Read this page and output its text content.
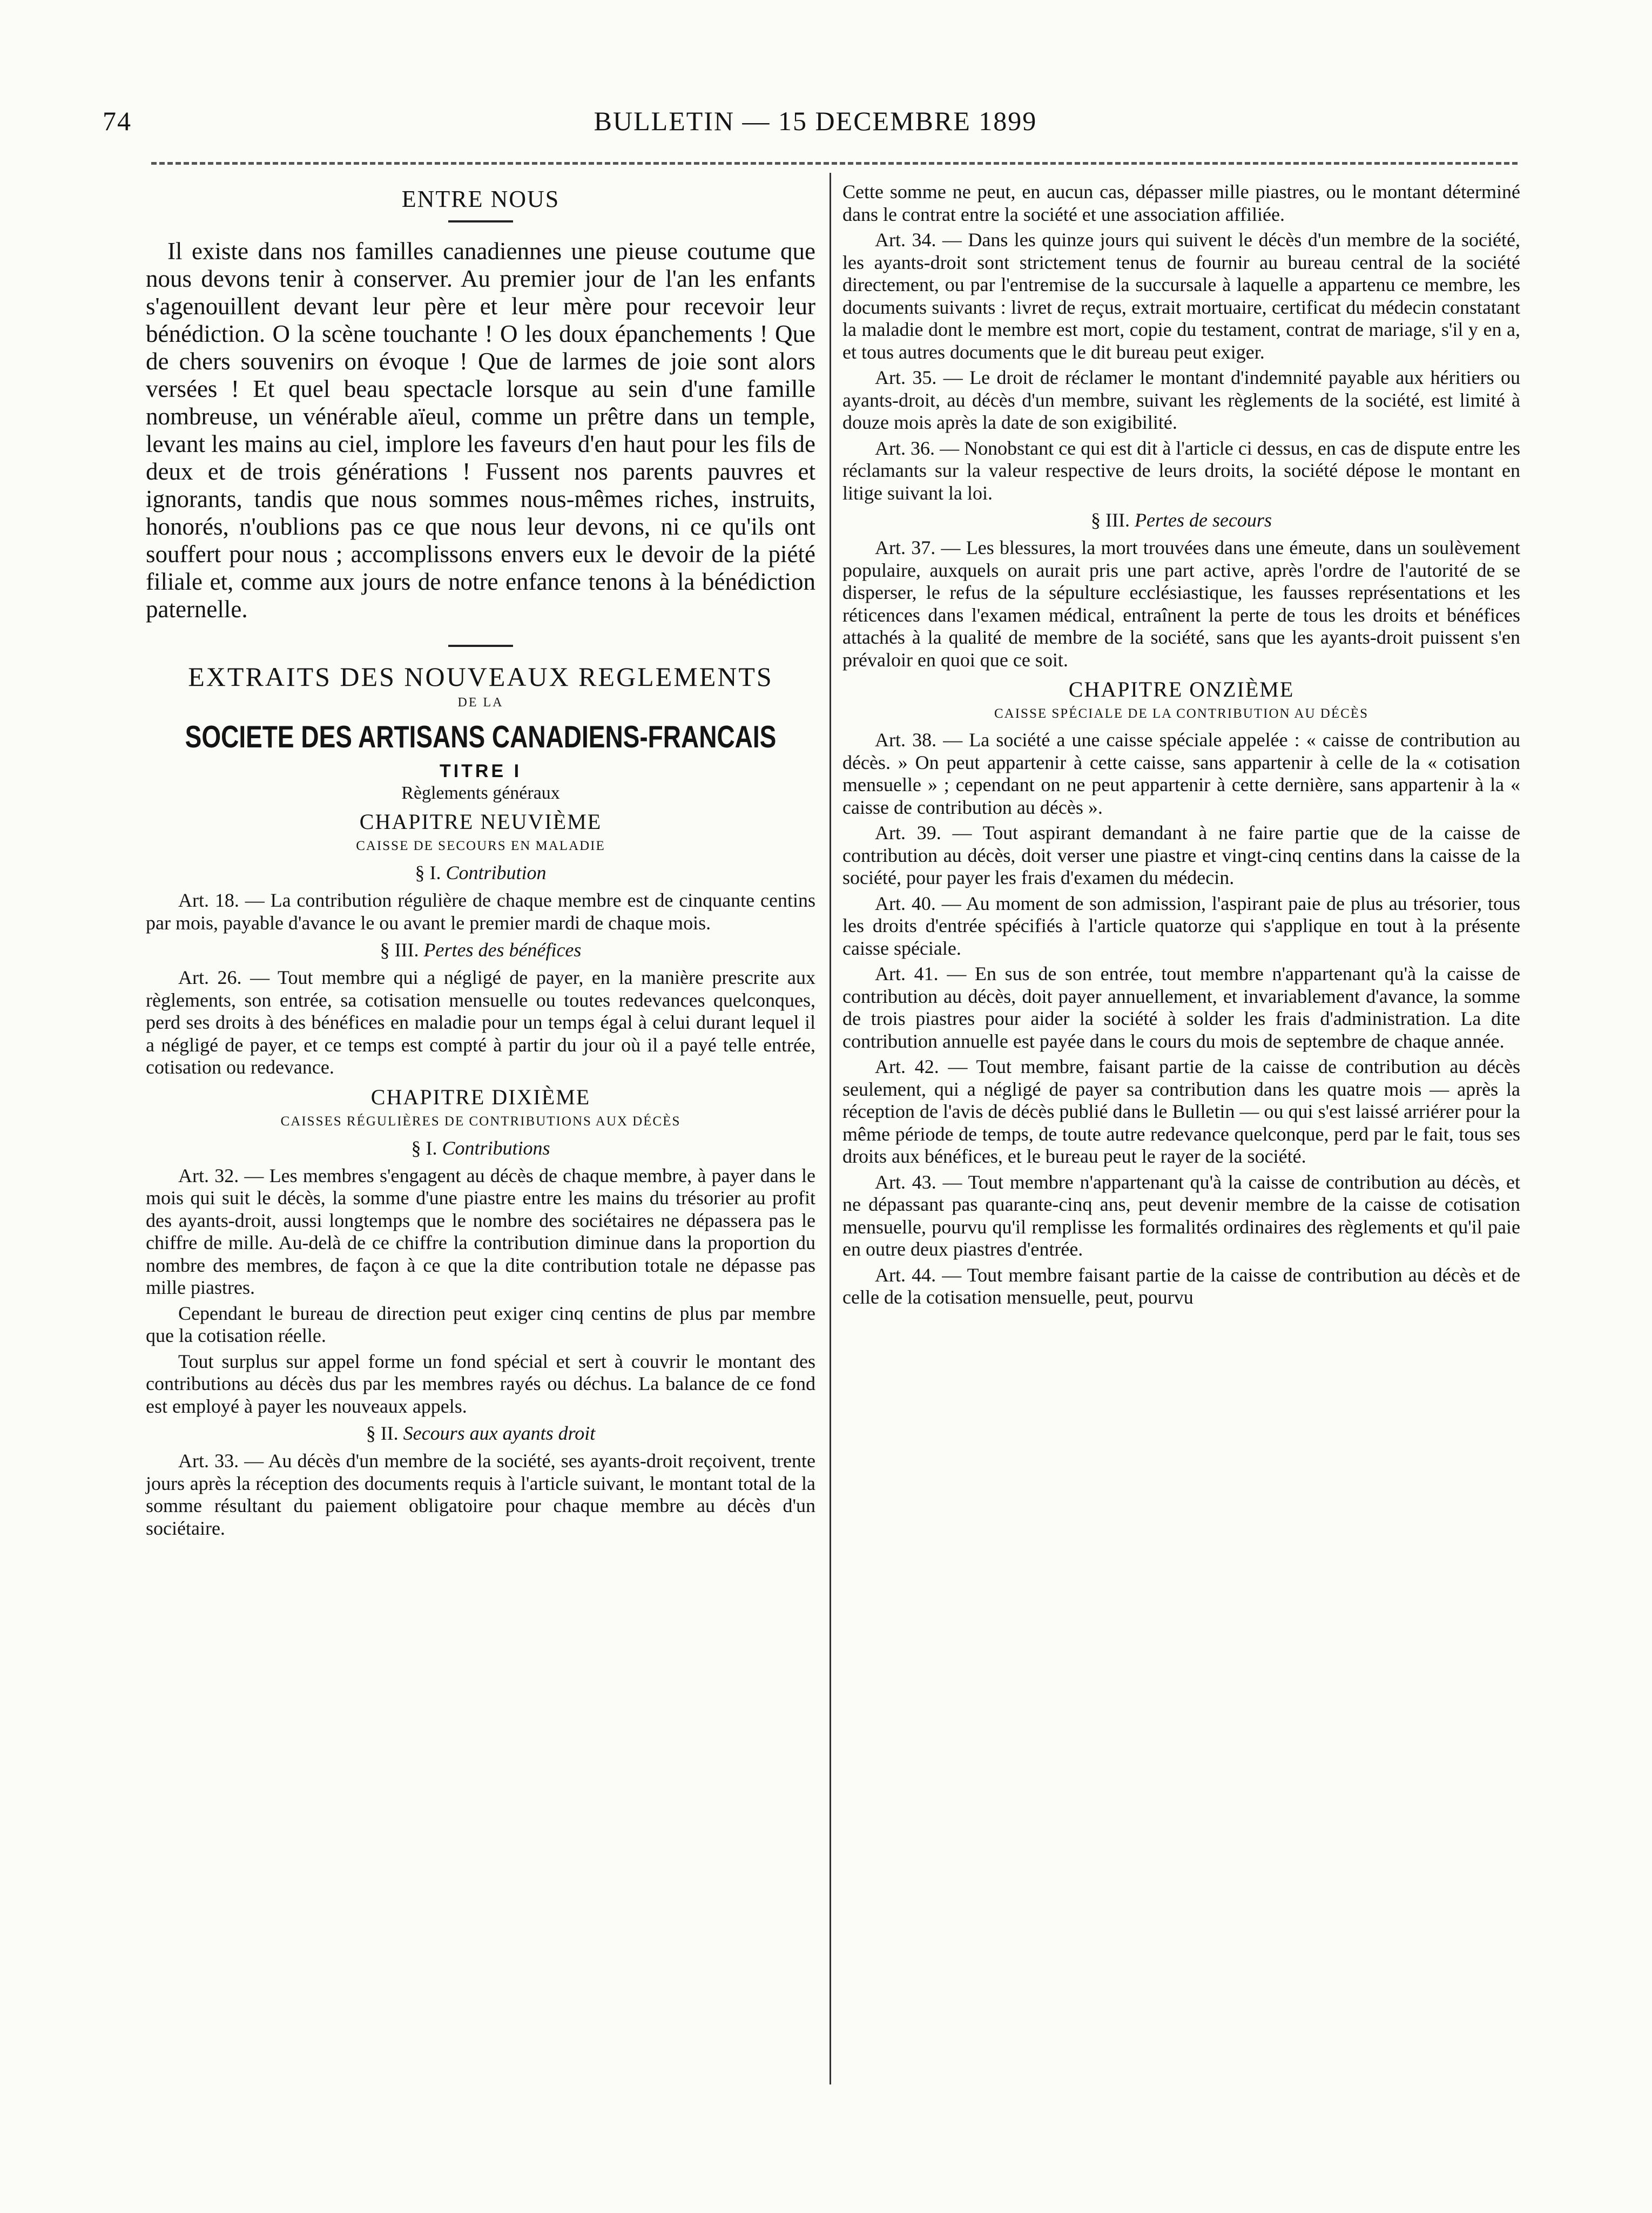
74	BULLETIN — 15 DECEMBRE 1899
ENTRE NOUS

Il existe dans nos familles canadiennes une pieuse coutume que nous devons tenir à conserver. Au premier jour de l'an les enfants s'agenouillent devant leur père et leur mère pour recevoir leur bénédiction. O la scène touchante ! O les doux épanchements ! Que de chers souvenirs on évoque ! Que de larmes de joie sont alors versées ! Et quel beau spectacle lorsque au sein d'une famille nombreuse, un vénérable aïeul, comme un prêtre dans un temple, levant les mains au ciel, implore les faveurs d'en haut pour les fils de deux et de trois générations ! Fussent nos parents pauvres et ignorants, tandis que nous sommes nous-mêmes riches, instruits, honorés, n'oublions pas ce que nous leur devons, ni ce qu'ils ont souffert pour nous ; accomplissons envers eux le devoir de la piété filiale et, comme aux jours de notre enfance tenons à la bénédiction paternelle.

EXTRAITS DES NOUVEAUX REGLEMENTS
DE LA
SOCIETE DES ARTISANS CANADIENS-FRANCAIS
TITRE I
Règlements généraux
CHAPITRE NEUVIÈME
CAISSE DE SECOURS EN MALADIE
§ I. Contribution

Art. 18. — La contribution régulière de chaque membre est de cinquante centins par mois, payable d'avance le ou avant le premier mardi de chaque mois.

§ III. Pertes des bénéfices

Art. 26. — Tout membre qui a négligé de payer, en la manière prescrite aux règlements, son entrée, sa cotisation mensuelle ou toutes redevances quelconques, perd ses droits à des bénéfices en maladie pour un temps égal à celui durant lequel il a négligé de payer, et ce temps est compté à partir du jour où il a payé telle entrée, cotisation ou redevance.

CHAPITRE DIXIÈME
CAISSES RÉGULIÈRES DE CONTRIBUTIONS AUX DÉCÈS
§ I. Contributions

Art. 32. — Les membres s'engagent au décès de chaque membre, à payer dans le mois qui suit le décès, la somme d'une piastre entre les mains du trésorier au profit des ayants-droit, aussi longtemps que le nombre des sociétaires ne dépassera pas le chiffre de mille. Au-delà de ce chiffre la contribution diminue dans la proportion du nombre des membres, de façon à ce que la dite contribution totale ne dépasse pas mille piastres.

Cependant le bureau de direction peut exiger cinq centins de plus par membre que la cotisation réelle.

Tout surplus sur appel forme un fond spécial et sert à couvrir le montant des contributions au décès dus par les membres rayés ou déchus. La balance de ce fond est employé à payer les nouveaux appels.

§ II. Secours aux ayants droit

Art. 33. — Au décès d'un membre de la société, ses ayants-droit reçoivent, trente jours après la réception des documents requis à l'article suivant, le montant total de la somme résultant du paiement obligatoire pour chaque membre au décès d'un sociétaire.

Cette somme ne peut, en aucun cas, dépasser mille piastres, ou le montant déterminé dans le contrat entre la société et une association affiliée.

Art. 34. — Dans les quinze jours qui suivent le décès d'un membre de la société, les ayants-droit sont strictement tenus de fournir au bureau central de la société directement, ou par l'entremise de la succursale à laquelle a appartenu ce membre, les documents suivants : livret de reçus, extrait mortuaire, certificat du médecin constatant la maladie dont le membre est mort, copie du testament, contrat de mariage, s'il y en a, et tous autres documents que le dit bureau peut exiger.

Art. 35. — Le droit de réclamer le montant d'indemnité payable aux héritiers ou ayants-droit, au décès d'un membre, suivant les règlements de la société, est limité à douze mois après la date de son exigibilité.

Art. 36. — Nonobstant ce qui est dit à l'article ci dessus, en cas de dispute entre les réclamants sur la valeur respective de leurs droits, la société dépose le montant en litige suivant la loi.

§ III. Pertes de secours

Art. 37. — Les blessures, la mort trouvées dans une émeute, dans un soulèvement populaire, auxquels on aurait pris une part active, après l'ordre de l'autorité de se disperser, le refus de la sépulture ecclésiastique, les fausses représentations et les réticences dans l'examen médical, entraînent la perte de tous les droits et bénéfices attachés à la qualité de membre de la société, sans que les ayants-droit puissent s'en prévaloir en quoi que ce soit.

CHAPITRE ONZIÈME
CAISSE SPÉCIALE DE LA CONTRIBUTION AU DÉCÈS

Art. 38. — La société a une caisse spéciale appelée : « caisse de contribution au décès. » On peut appartenir à cette caisse, sans appartenir à celle de la « cotisation mensuelle » ; cependant on ne peut appartenir à cette dernière, sans appartenir à la « caisse de contribution au décès ».

Art. 39. — Tout aspirant demandant à ne faire partie que de la caisse de contribution au décès, doit verser une piastre et vingt-cinq centins dans la caisse de la société, pour payer les frais d'examen du médecin.

Art. 40. — Au moment de son admission, l'aspirant paie de plus au trésorier, tous les droits d'entrée spécifiés à l'article quatorze qui s'applique en tout à la présente caisse spéciale.

Art. 41. — En sus de son entrée, tout membre n'appartenant qu'à la caisse de contribution au décès, doit payer annuellement, et invariablement d'avance, la somme de trois piastres pour aider la société à solder les frais d'administration. La dite contribution annuelle est payée dans le cours du mois de septembre de chaque année.

Art. 42. — Tout membre, faisant partie de la caisse de contribution au décès seulement, qui a négligé de payer sa contribution dans les quatre mois — après la réception de l'avis de décès publié dans le Bulletin — ou qui s'est laissé arriérer pour la même période de temps, de toute autre redevance quelconque, perd par le fait, tous ses droits aux bénéfices, et le bureau peut le rayer de la société.

Art. 43. — Tout membre n'appartenant qu'à la caisse de contribution au décès, et ne dépassant pas quarante-cinq ans, peut devenir membre de la caisse de cotisation mensuelle, pourvu qu'il remplisse les formalités ordinaires des règlements et qu'il paie en outre deux piastres d'entrée.

Art. 44. — Tout membre faisant partie de la caisse de contribution au décès et de celle de la cotisation mensuelle, peut, pourvu
